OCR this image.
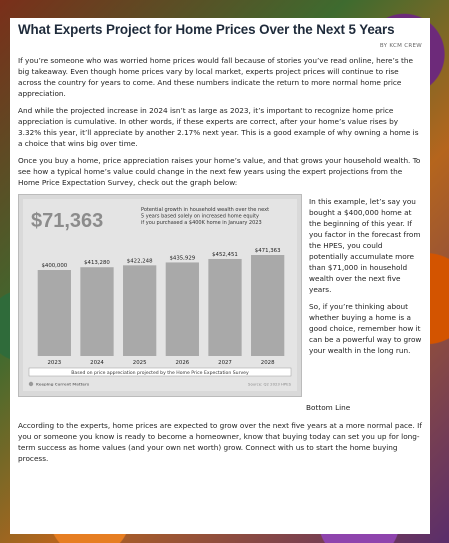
What Experts Project for Home Prices Over the Next 5 Years
BY KCM CREW

If you’re someone who was worried home prices would fall because of stories you’ve read online, here’s the big takeaway. Even though home prices vary by local market, experts project prices will continue to rise across the country for years to come. And these numbers indicate the return to more normal home price appreciation.

And while the projected increase in 2024 isn’t as large as 2023, it’s important to recognize home price appreciation is cumulative. In other words, if these experts are correct, after your home’s value rises by 3.32% this year, it’ll appreciate by another 2.17% next year. This is a good example of why owning a home is a choice that wins big over time.

Once you buy a home, price appreciation raises your home’s value, and that grows your household wealth. To see how a typical home’s value could change in the next few years using the expert projections from the Home Price Expectation Survey, check out the graph below:

$71,363	Potential growth in household wealth over the next
5 years based solely on increased home equity
if you purchased a $400K home in January 2023
$400,000
2023
$413,280
2024
$422,248
2025
$435,929
2026
$452,451
2027
$471,363
2028
Based on price appreciation projected by the Home Price Expectation Survey
Keeping Current Matters	Source: Q2 2023 HPES

In this example, let’s say you bought a $400,000 home at the beginning of this year. If you factor in the forecast from the HPES, you could potentially accumulate more than $71,000 in household wealth over the next five years.

So, if you’re thinking about whether buying a home is a good choice, remember how it can be a powerful way to grow your wealth in the long run.

Bottom Line

According to the experts, home prices are expected to grow over the next five years at a more normal pace. If you or someone you know is ready to become a homeowner, know that buying today can set you up for long-term success as home values (and your own net worth) grow. Connect with us to start the home buying process.
